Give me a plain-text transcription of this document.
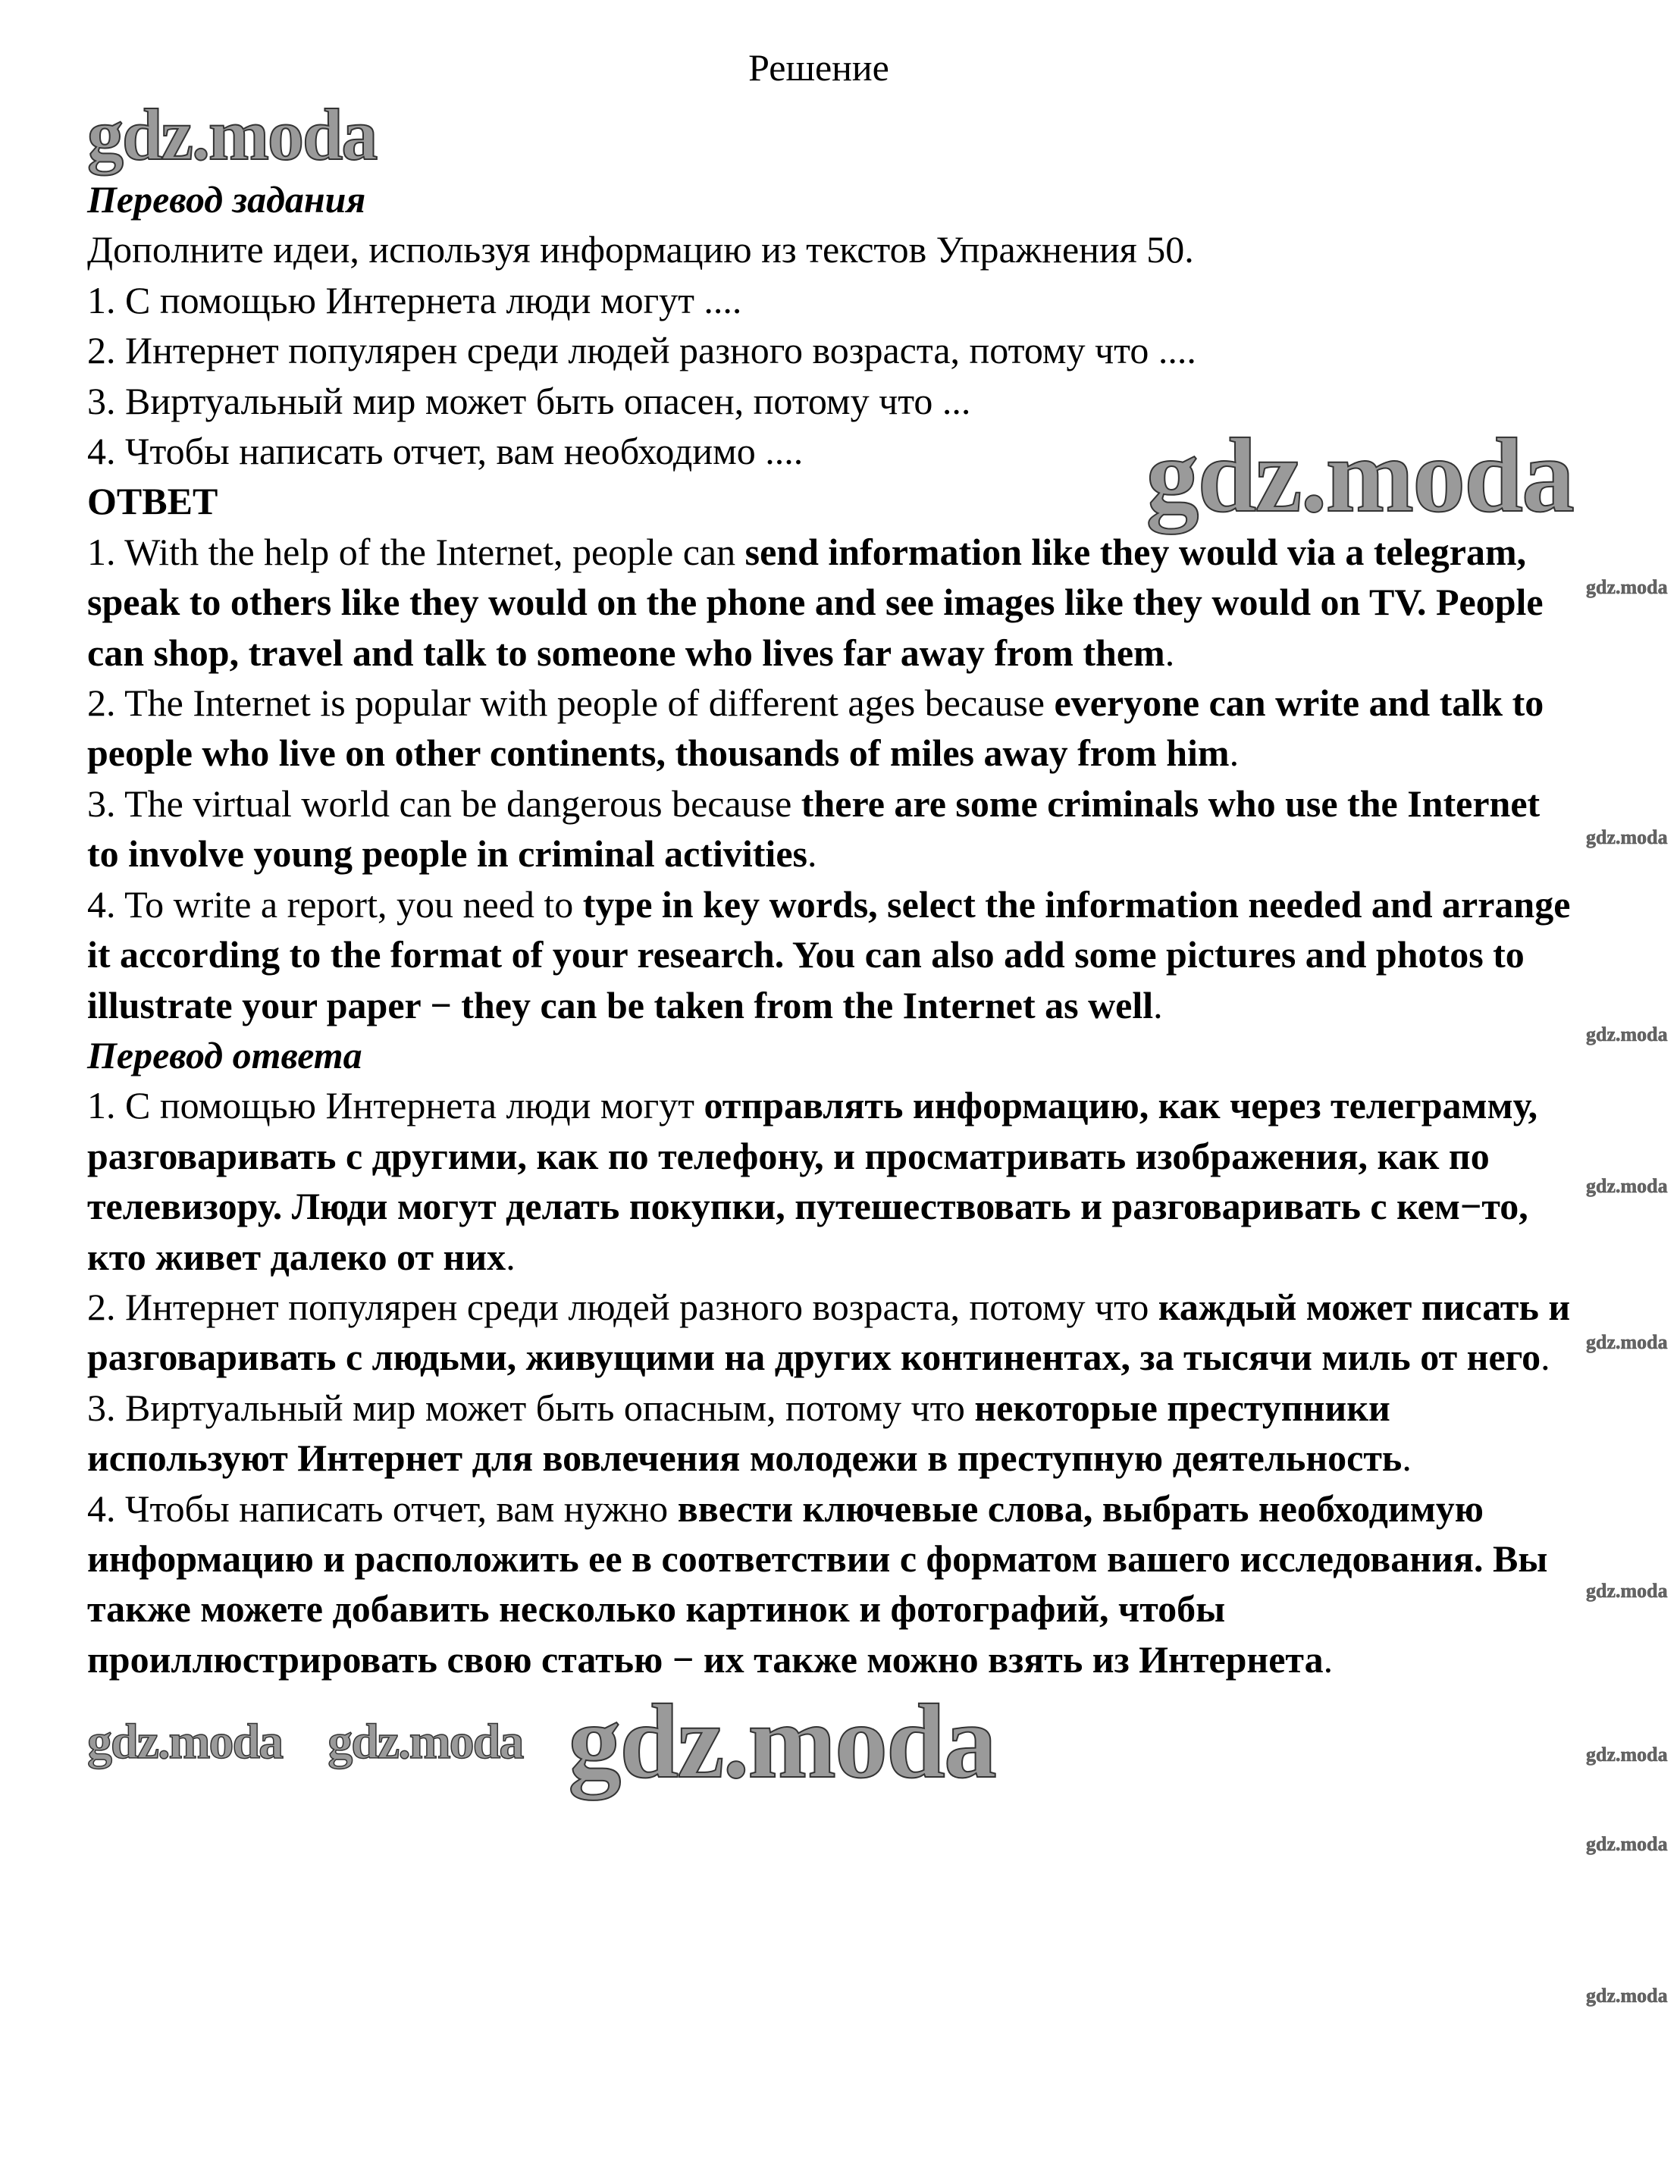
Решение
gdz.moda

Перевод задания

Дополните идеи, используя информацию из текстов Упражнения 50.

1. С помощью Интернета люди могут ....

2. Интернет популярен среди людей разного возраста, потому что ....

3. Виртуальный мир может быть опасен, потому что ...

gdz.moda

4. Чтобы написать отчет, вам необходимо ....

ОТВЕТ

1. With the help of the Internet, people can send information like they would via a telegram, speak to others like they would on the phone and see images like they would on TV. People can shop, travel and talk to someone who lives far away from them.

2. The Internet is popular with people of different ages because everyone can write and talk to people who live on other continents, thousands of miles away from him.

3. The virtual world can be dangerous because there are some criminals who use the Internet to involve young people in criminal activities.

4. To write a report, you need to type in key words, select the information needed and arrange it according to the format of your research. You can also add some pictures and photos to illustrate your paper − they can be taken from the Internet as well.

Перевод ответа

1. С помощью Интернета люди могут отправлять информацию, как через телеграмму, разговаривать с другими, как по телефону, и просматривать изображения, как по телевизору. Люди могут делать покупки, путешествовать и разговаривать с кем−то, кто живет далеко от них.

2. Интернет популярен среди людей разного возраста, потому что каждый может писать и разговаривать с людьми, живущими на других континентах, за тысячи миль от него.

3. Виртуальный мир может быть опасным, потому что некоторые преступники используют Интернет для вовлечения молодежи в преступную деятельность.

4. Чтобы написать отчет, вам нужно ввести ключевые слова, выбрать необходимую информацию и расположить ее в соответствии с форматом вашего исследования. Вы также можете добавить несколько картинок и фотографий, чтобы проиллюстрировать свою статью − их также можно взять из Интернета.

gdz.moda gdz.moda gdz.moda
gdz.moda
gdz.moda
gdz.moda
gdz.moda
gdz.moda
gdz.moda
gdz.moda
gdz.moda
gdz.moda
